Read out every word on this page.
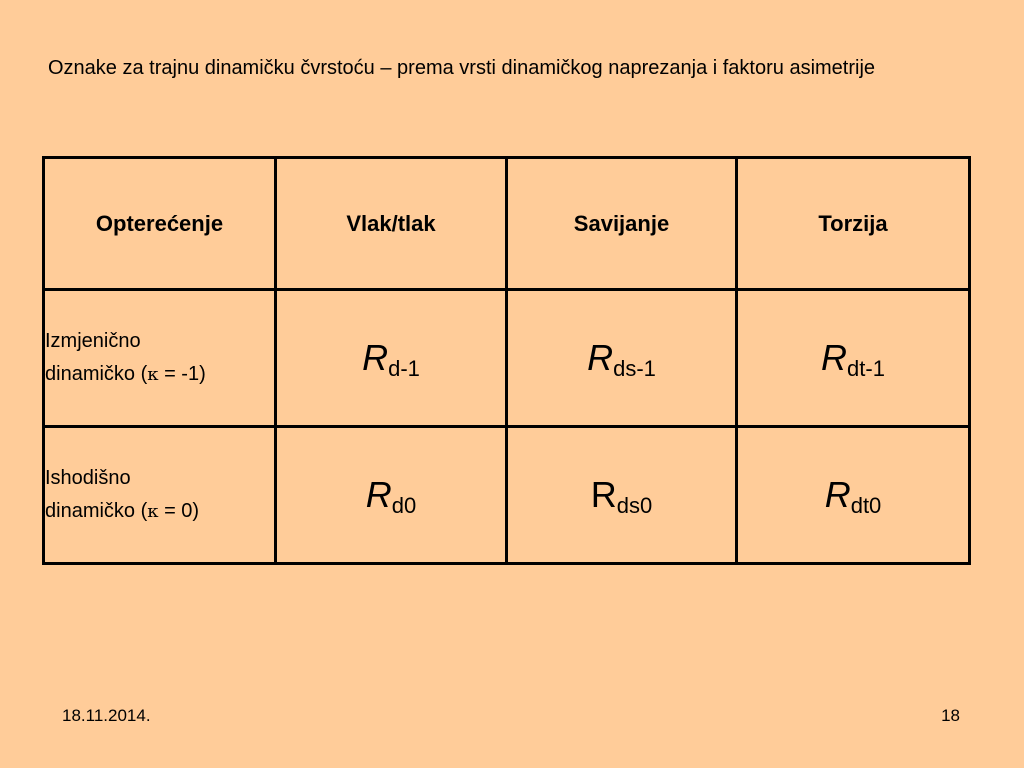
Oznake za trajnu dinamičku čvrstoću – prema vrsti dinamičkog naprezanja i faktoru asimetrije
Opterećenje	Vlak/tlak	Savijanje	Torzija
Izmjenično
dinamičko (κ = -1)	Rd-1	Rds-1	Rdt-1
Ishodišno
dinamičko (κ = 0)	Rd0	Rds0	Rdt0
18.11.2014.	18
